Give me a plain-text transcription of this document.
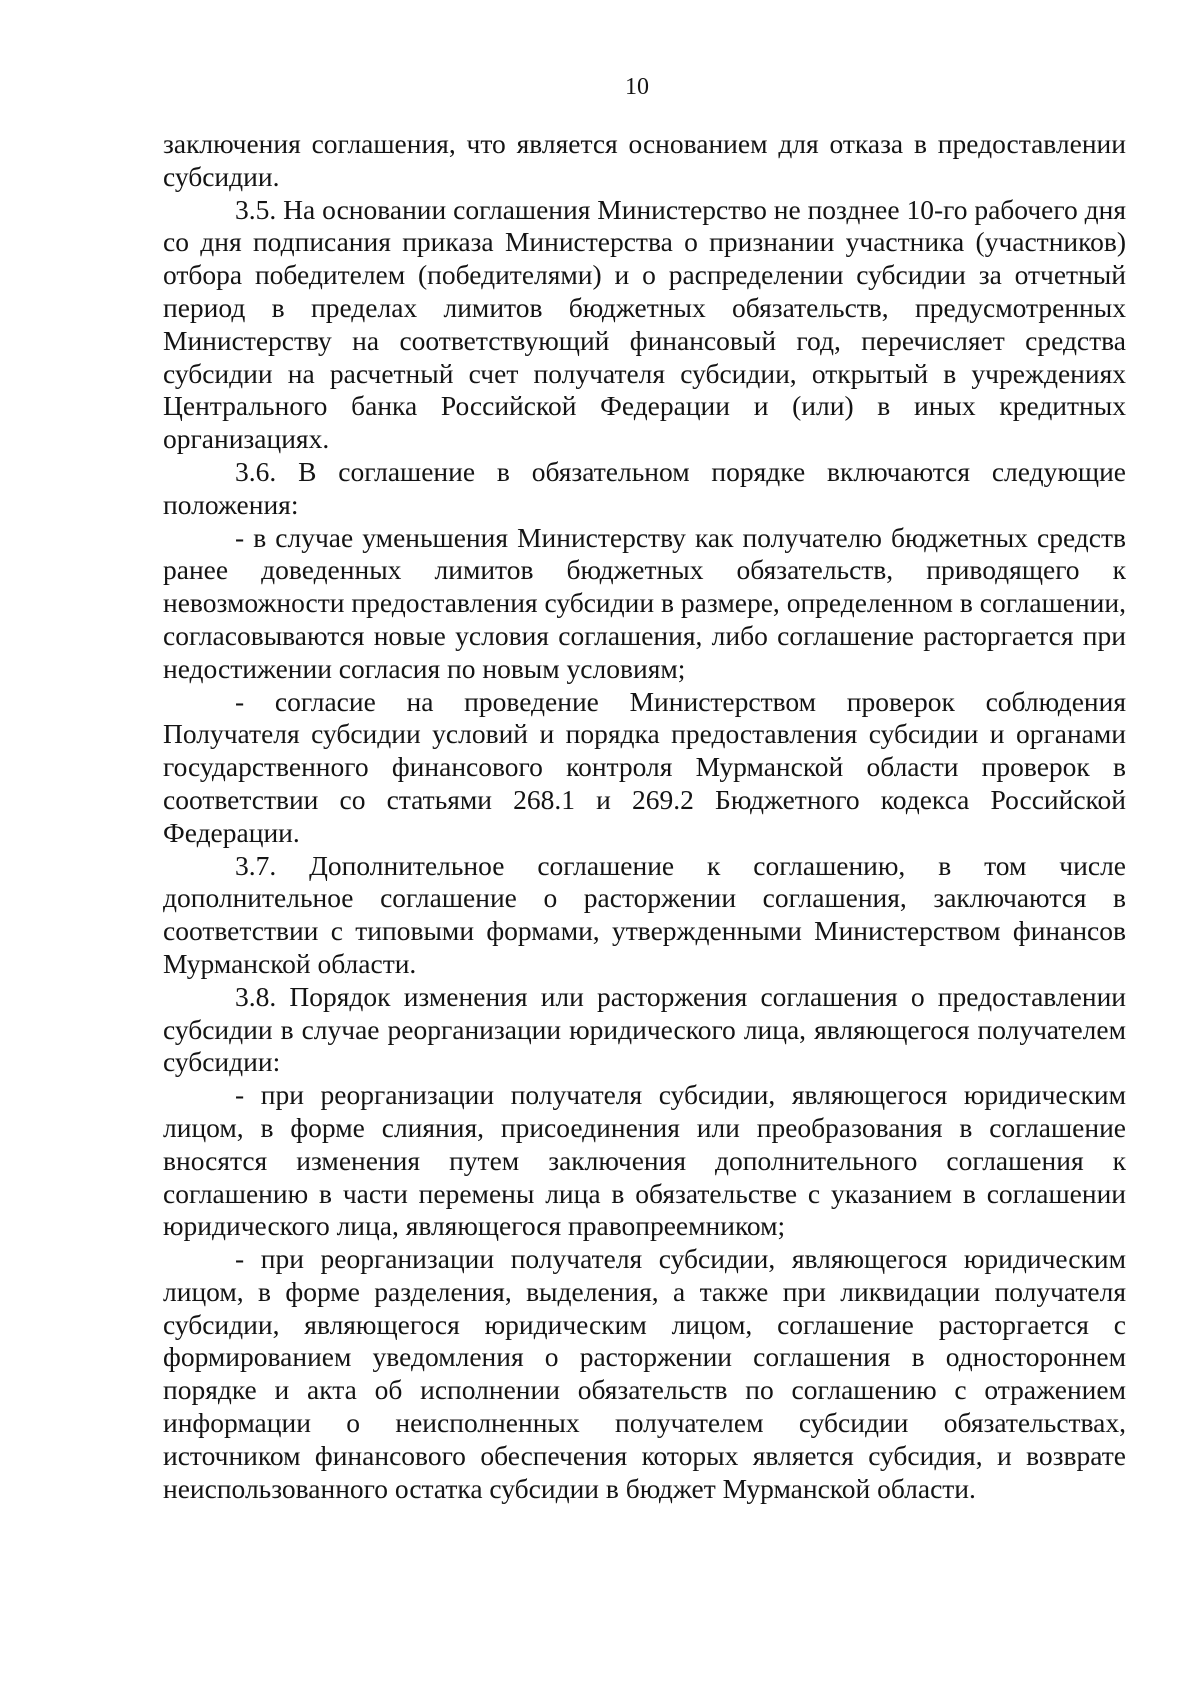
10

заключения соглашения, что является основанием для отказа в предоставлении субсидии.

3.5. На основании соглашения Министерство не позднее 10-го рабочего дня со дня подписания приказа Министерства о признании участника (участников) отбора победителем (победителями) и о распределении субсидии за отчетный период в пределах лимитов бюджетных обязательств, предусмотренных Министерству на соответствующий финансовый год, перечисляет средства субсидии на расчетный счет получателя субсидии, открытый в учреждениях Центрального банка Российской Федерации и (или) в иных кредитных организациях.

3.6. В соглашение в обязательном порядке включаются следующие положения:

- в случае уменьшения Министерству как получателю бюджетных средств ранее доведенных лимитов бюджетных обязательств, приводящего к невозможности предоставления субсидии в размере, определенном в соглашении, согласовываются новые условия соглашения, либо соглашение расторгается при недостижении согласия по новым условиям;

- согласие на проведение Министерством проверок соблюдения Получателя субсидии условий и порядка предоставления субсидии и органами государственного финансового контроля Мурманской области проверок в соответствии со статьями 268.1 и 269.2 Бюджетного кодекса Российской Федерации.

3.7. Дополнительное соглашение к соглашению, в том числе дополнительное соглашение о расторжении соглашения, заключаются в соответствии с типовыми формами, утвержденными Министерством финансов Мурманской области.

3.8. Порядок изменения или расторжения соглашения о предоставлении субсидии в случае реорганизации юридического лица, являющегося получателем субсидии:

- при реорганизации получателя субсидии, являющегося юридическим лицом, в форме слияния, присоединения или преобразования в соглашение вносятся изменения путем заключения дополнительного соглашения к соглашению в части перемены лица в обязательстве с указанием в соглашении юридического лица, являющегося правопреемником;

- при реорганизации получателя субсидии, являющегося юридическим лицом, в форме разделения, выделения, а также при ликвидации получателя субсидии, являющегося юридическим лицом, соглашение расторгается с формированием уведомления о расторжении соглашения в одностороннем порядке и акта об исполнении обязательств по соглашению с отражением информации о неисполненных получателем субсидии обязательствах, источником финансового обеспечения которых является субсидия, и возврате неиспользованного остатка субсидии в бюджет Мурманской области.
